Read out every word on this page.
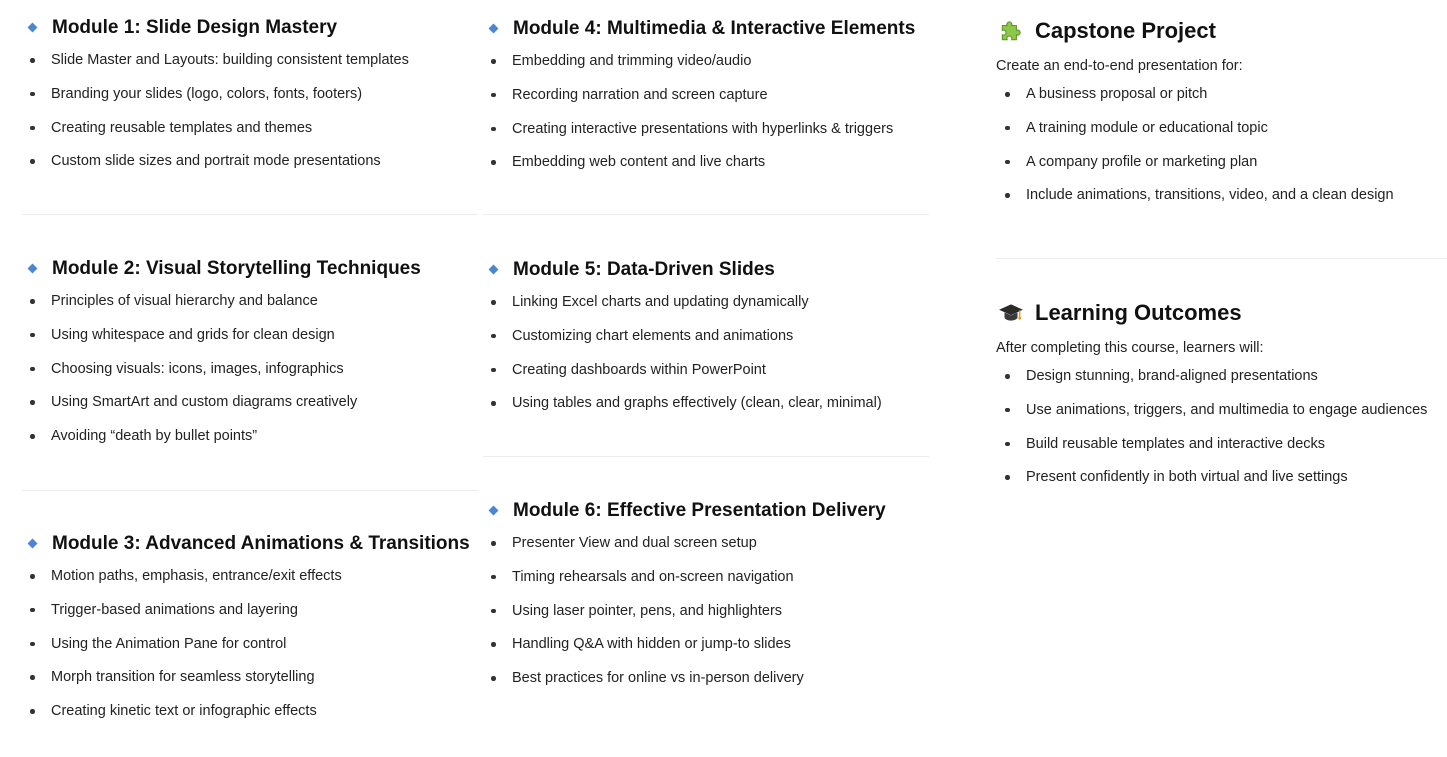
Module 1: Slide Design Mastery
Slide Master and Layouts: building consistent templates
Branding your slides (logo, colors, fonts, footers)
Creating reusable templates and themes
Custom slide sizes and portrait mode presentations
Module 2: Visual Storytelling Techniques
Principles of visual hierarchy and balance
Using whitespace and grids for clean design
Choosing visuals: icons, images, infographics
Using SmartArt and custom diagrams creatively
Avoiding “death by bullet points”
Module 3: Advanced Animations & Transitions
Motion paths, emphasis, entrance/exit effects
Trigger-based animations and layering
Using the Animation Pane for control
Morph transition for seamless storytelling
Creating kinetic text or infographic effects
Module 4: Multimedia & Interactive Elements
Embedding and trimming video/audio
Recording narration and screen capture
Creating interactive presentations with hyperlinks & triggers
Embedding web content and live charts
Module 5: Data-Driven Slides
Linking Excel charts and updating dynamically
Customizing chart elements and animations
Creating dashboards within PowerPoint
Using tables and graphs effectively (clean, clear, minimal)
Module 6: Effective Presentation Delivery
Presenter View and dual screen setup
Timing rehearsals and on-screen navigation
Using laser pointer, pens, and highlighters
Handling Q&A with hidden or jump-to slides
Best practices for online vs in-person delivery
Capstone Project
Create an end-to-end presentation for:
A business proposal or pitch
A training module or educational topic
A company profile or marketing plan
Include animations, transitions, video, and a clean design
Learning Outcomes
After completing this course, learners will:
Design stunning, brand-aligned presentations
Use animations, triggers, and multimedia to engage audiences
Build reusable templates and interactive decks
Present confidently in both virtual and live settings
